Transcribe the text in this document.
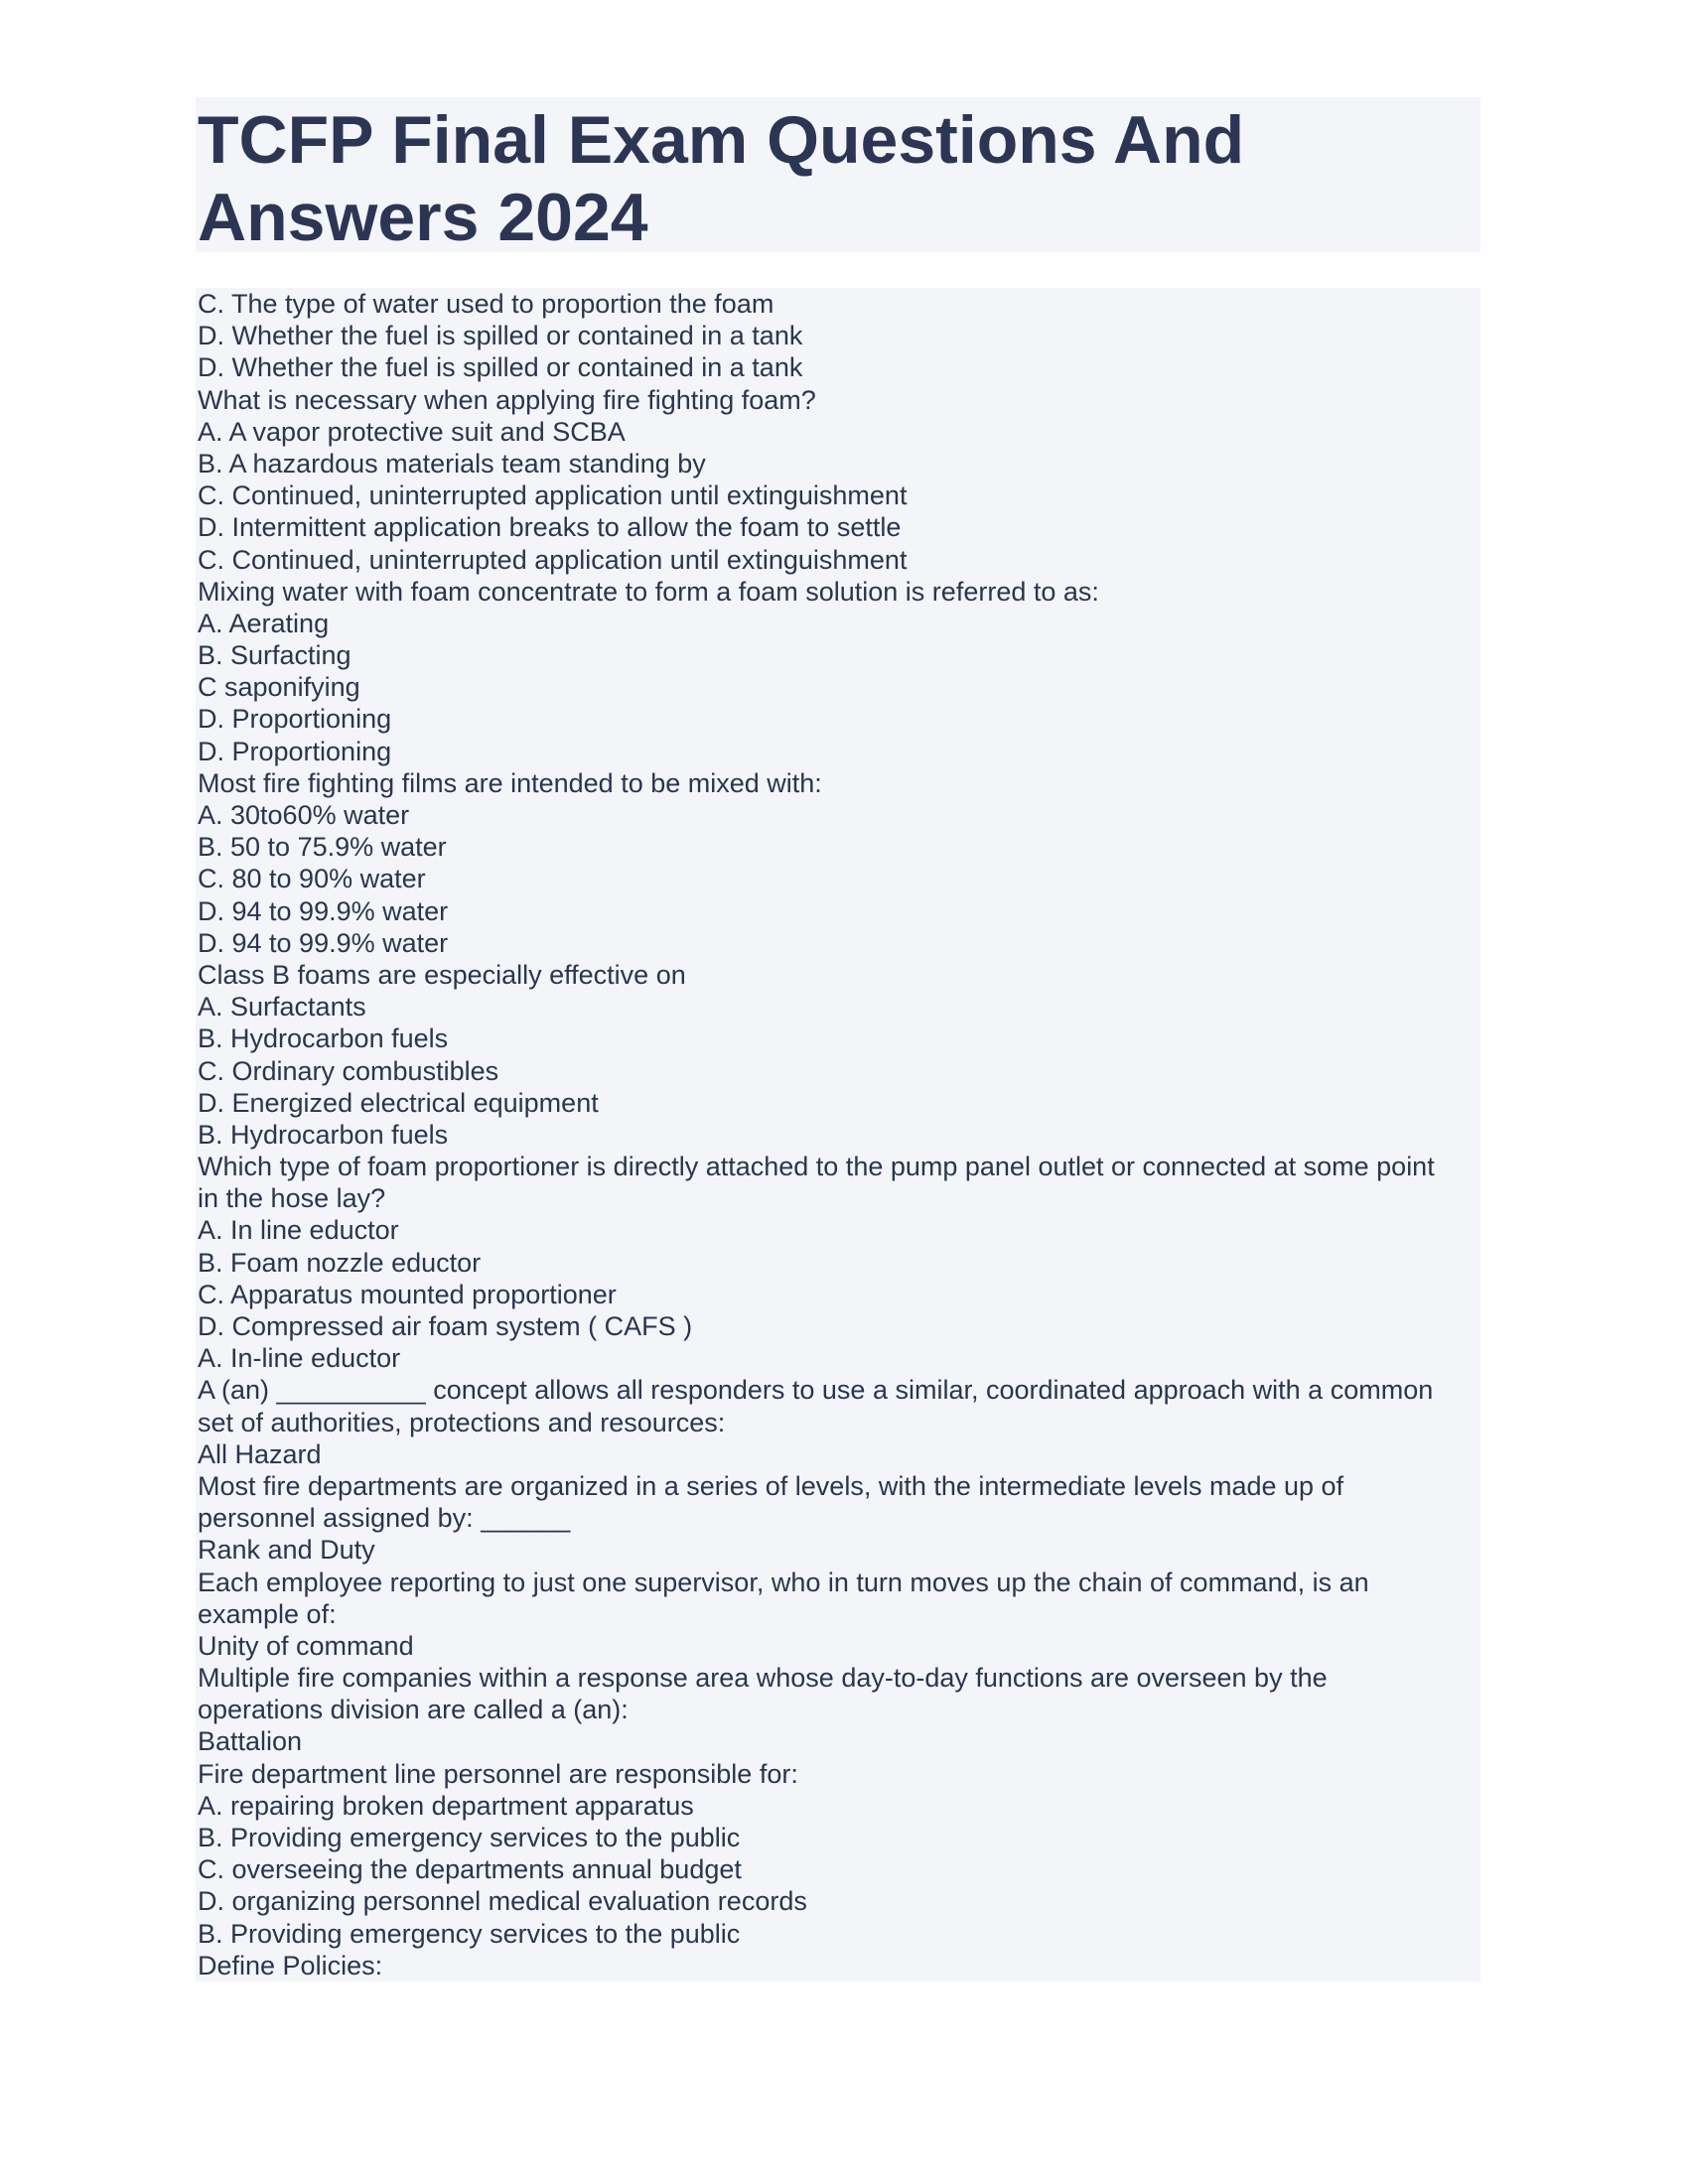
TCFP Final Exam Questions And Answers 2024
C. The type of water used to proportion the foam
D. Whether the fuel is spilled or contained in a tank
D. Whether the fuel is spilled or contained in a tank
What is necessary when applying fire fighting foam?
A. A vapor protective suit and SCBA
B. A hazardous materials team standing by
C. Continued, uninterrupted application until extinguishment
D. Intermittent application breaks to allow the foam to settle
C. Continued, uninterrupted application until extinguishment
Mixing water with foam concentrate to form a foam solution is referred to as:
A. Aerating
B. Surfacting
C saponifying
D. Proportioning
D. Proportioning
Most fire fighting films are intended to be mixed with:
A. 30to60% water
B. 50 to 75.9% water
C. 80 to 90% water
D. 94 to 99.9% water
D. 94 to 99.9% water
Class B foams are especially effective on
A. Surfactants
B. Hydrocarbon fuels
C. Ordinary combustibles
D. Energized electrical equipment
B. Hydrocarbon fuels
Which type of foam proportioner is directly attached to the pump panel outlet or connected at some point
in the hose lay?
A. In line eductor
B. Foam nozzle eductor
C. Apparatus mounted proportioner
D. Compressed air foam system ( CAFS )
A. In-line eductor
A (an) __________ concept allows all responders to use a similar, coordinated approach with a common
set of authorities, protections and resources:
All Hazard
Most fire departments are organized in a series of levels, with the intermediate levels made up of
personnel assigned by: ______
Rank and Duty
Each employee reporting to just one supervisor, who in turn moves up the chain of command, is an
example of:
Unity of command
Multiple fire companies within a response area whose day-to-day functions are overseen by the
operations division are called a (an):
Battalion
Fire department line personnel are responsible for:
A. repairing broken department apparatus
B. Providing emergency services to the public
C. overseeing the departments annual budget
D. organizing personnel medical evaluation records
B. Providing emergency services to the public
Define Policies:
